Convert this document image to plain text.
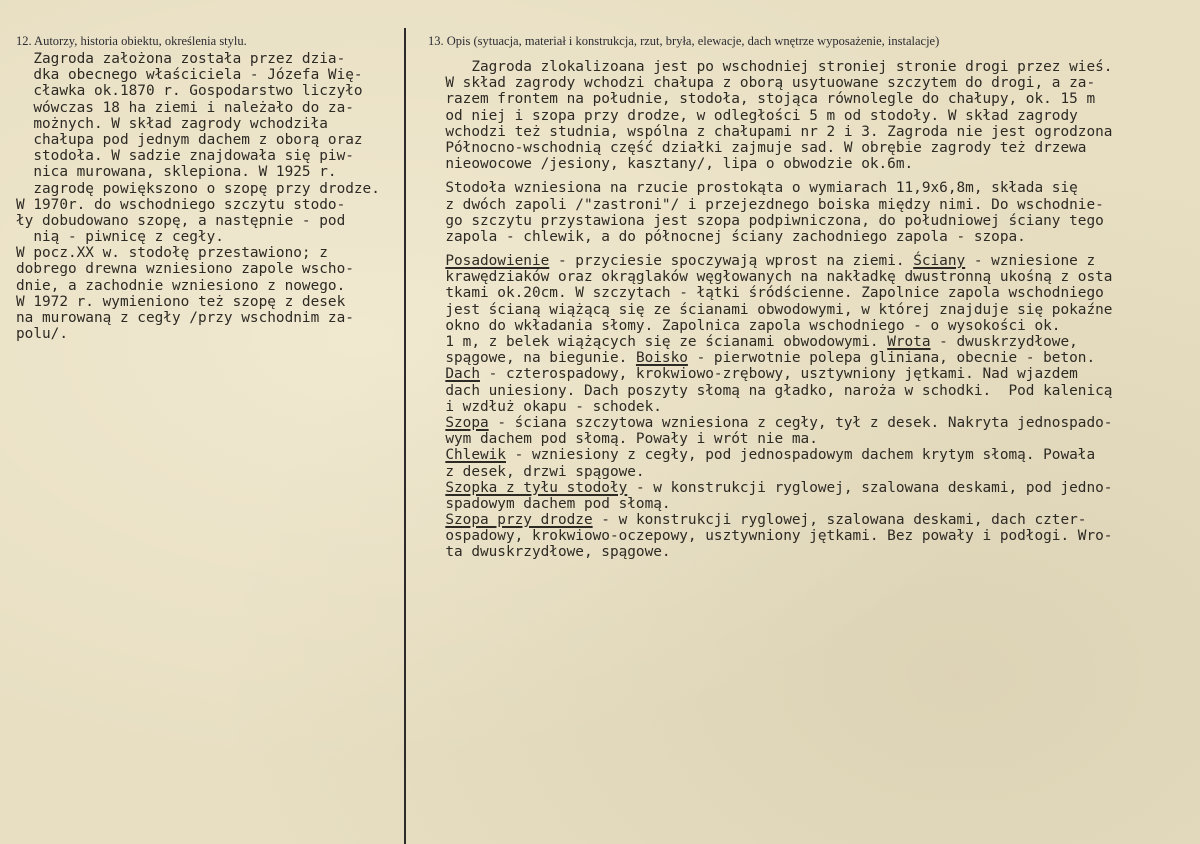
12. Autorzy, historia obiektu, określenia stylu.	13. Opis (sytuacja, materiał i konstrukcja, rzut, bryła, elewacje, dach wnętrze wyposażenie, instalacje)
Zagroda założona została przez dzia-
dka obecnego właściciela - Józefa Wię-
cławka ok.1870 r. Gospodarstwo liczyło
wówczas 18 ha ziemi i należało do za-
możnych. W skład zagrody wchodziła
chałupa pod jednym dachem z oborą oraz
stodoła. W sadzie znajdowała się piw-
nica murowana, sklepiona. W 1925 r.
zagrodę powiększono o szopę przy drodze.
W 1970r. do wschodniego szczytu stodo-
ły dobudowano szopę, a następnie - pod
nią - piwnicę z cegły.
W pocz.XX w. stodołę przestawiono; z
dobrego drewna wzniesiono zapole wscho-
dnie, a zachodnie wzniesiono z nowego.
W 1972 r. wymieniono też szopę z desek
na murowaną z cegły /przy wschodnim za-
polu/.
Zagroda zlokalizoana jest po wschodniej stroniej stronie drogi przez wieś.
W skład zagrody wchodzi chałupa z oborą usytuowane szczytem do drogi, a za-
razem frontem na południe, stodoła, stojąca równolegle do chałupy, ok. 15 m
od niej i szopa przy drodze, w odległości 5 m od stodoły. W skład zagrody
wchodzi też studnia, wspólna z chałupami nr 2 i 3. Zagroda nie jest ogrodzona
Północno-wschodnią część działki zajmuje sad. W obrębie zagrody też drzewa
nieowocowe /jesiony, kasztany/, lipa o obwodzie ok.6m.
Stodoła wzniesiona na rzucie prostokąta o wymiarach 11,9x6,8m, składa się
z dwóch zapoli /"zastroni"/ i przejezdnego boiska między nimi. Do wschodnie-
go szczytu przystawiona jest szopa podpiwniczona, do południowej ściany tego
zapola - chlewik, a do północnej ściany zachodniego zapola - szopa.
Posadowienie - przyciesie spoczywają wprost na ziemi. Ściany - wzniesione z
krawędziaków oraz okrąglaków węgłowanych na nakładkę dwustronną ukośną z osta
tkami ok.20cm. W szczytach - łątki śródścienne. Zapolnice zapola wschodniego
jest ścianą wiążącą się ze ścianami obwodowymi, w której znajduje się pokaźne
okno do wkładania słomy. Zapolnica zapola wschodniego - o wysokości ok.
1 m, z belek wiążących się ze ścianami obwodowymi. Wrota - dwuskrzydłowe,
spągowe, na biegunie. Boisko - pierwotnie polepa gliniana, obecnie - beton.
Dach - czterospadowy, krokwiowo-zrębowy, usztywniony jętkami. Nad wjazdem
dach uniesiony. Dach poszyty słomą na gładko, naroża w schodki.  Pod kalenicą
i wzdłuż okapu - schodek.
Szopa - ściana szczytowa wzniesiona z cegły, tył z desek. Nakryta jednospado-
wym dachem pod słomą. Powały i wrót nie ma.
Chlewik - wzniesiony z cegły, pod jednospadowym dachem krytym słomą. Powała
z desek, drzwi spągowe.
Szopka z tyłu stodoły - w konstrukcji ryglowej, szalowana deskami, pod jedno-
spadowym dachem pod słomą.
Szopa przy drodze - w konstrukcji ryglowej, szalowana deskami, dach czter-
ospadowy, krokwiowo-oczepowy, usztywniony jętkami. Bez powały i podłogi. Wro-
ta dwuskrzydłowe, spągowe.
